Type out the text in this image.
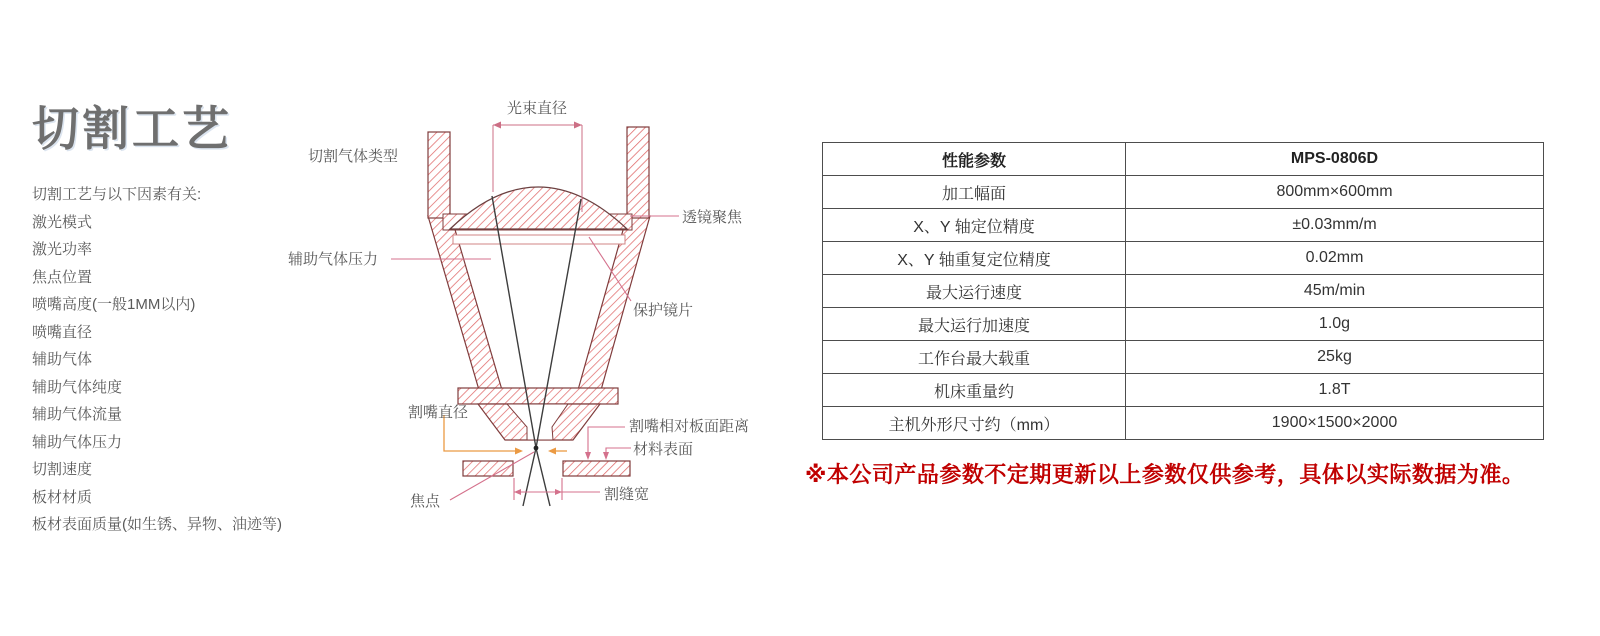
切割工艺
切割工艺与以下因素有关:
激光模式
激光功率
焦点位置
喷嘴高度(一般1MM以内)
喷嘴直径
辅助气体
辅助气体纯度
辅助气体流量
辅助气体压力
切割速度
板材材质
板材表面质量(如生锈、异物、油迹等)
光束直径
切割气体类型
辅助气体压力
透镜聚焦
保护镜片
割嘴直径
割嘴相对板面距离
材料表面
焦点	割缝宽
性能参数	MPS-0806D
加工幅面	800mm×600mm
X、Y 轴定位精度	±0.03mm/m
X、Y 轴重复定位精度	0.02mm
最大运行速度	45m/min
最大运行加速度	1.0g
工作台最大载重	25kg
机床重量约	1.8T
主机外形尺寸约（mm）	1900×1500×2000
※本公司产品参数不定期更新以上参数仅供参考，具体以实际数据为准。
